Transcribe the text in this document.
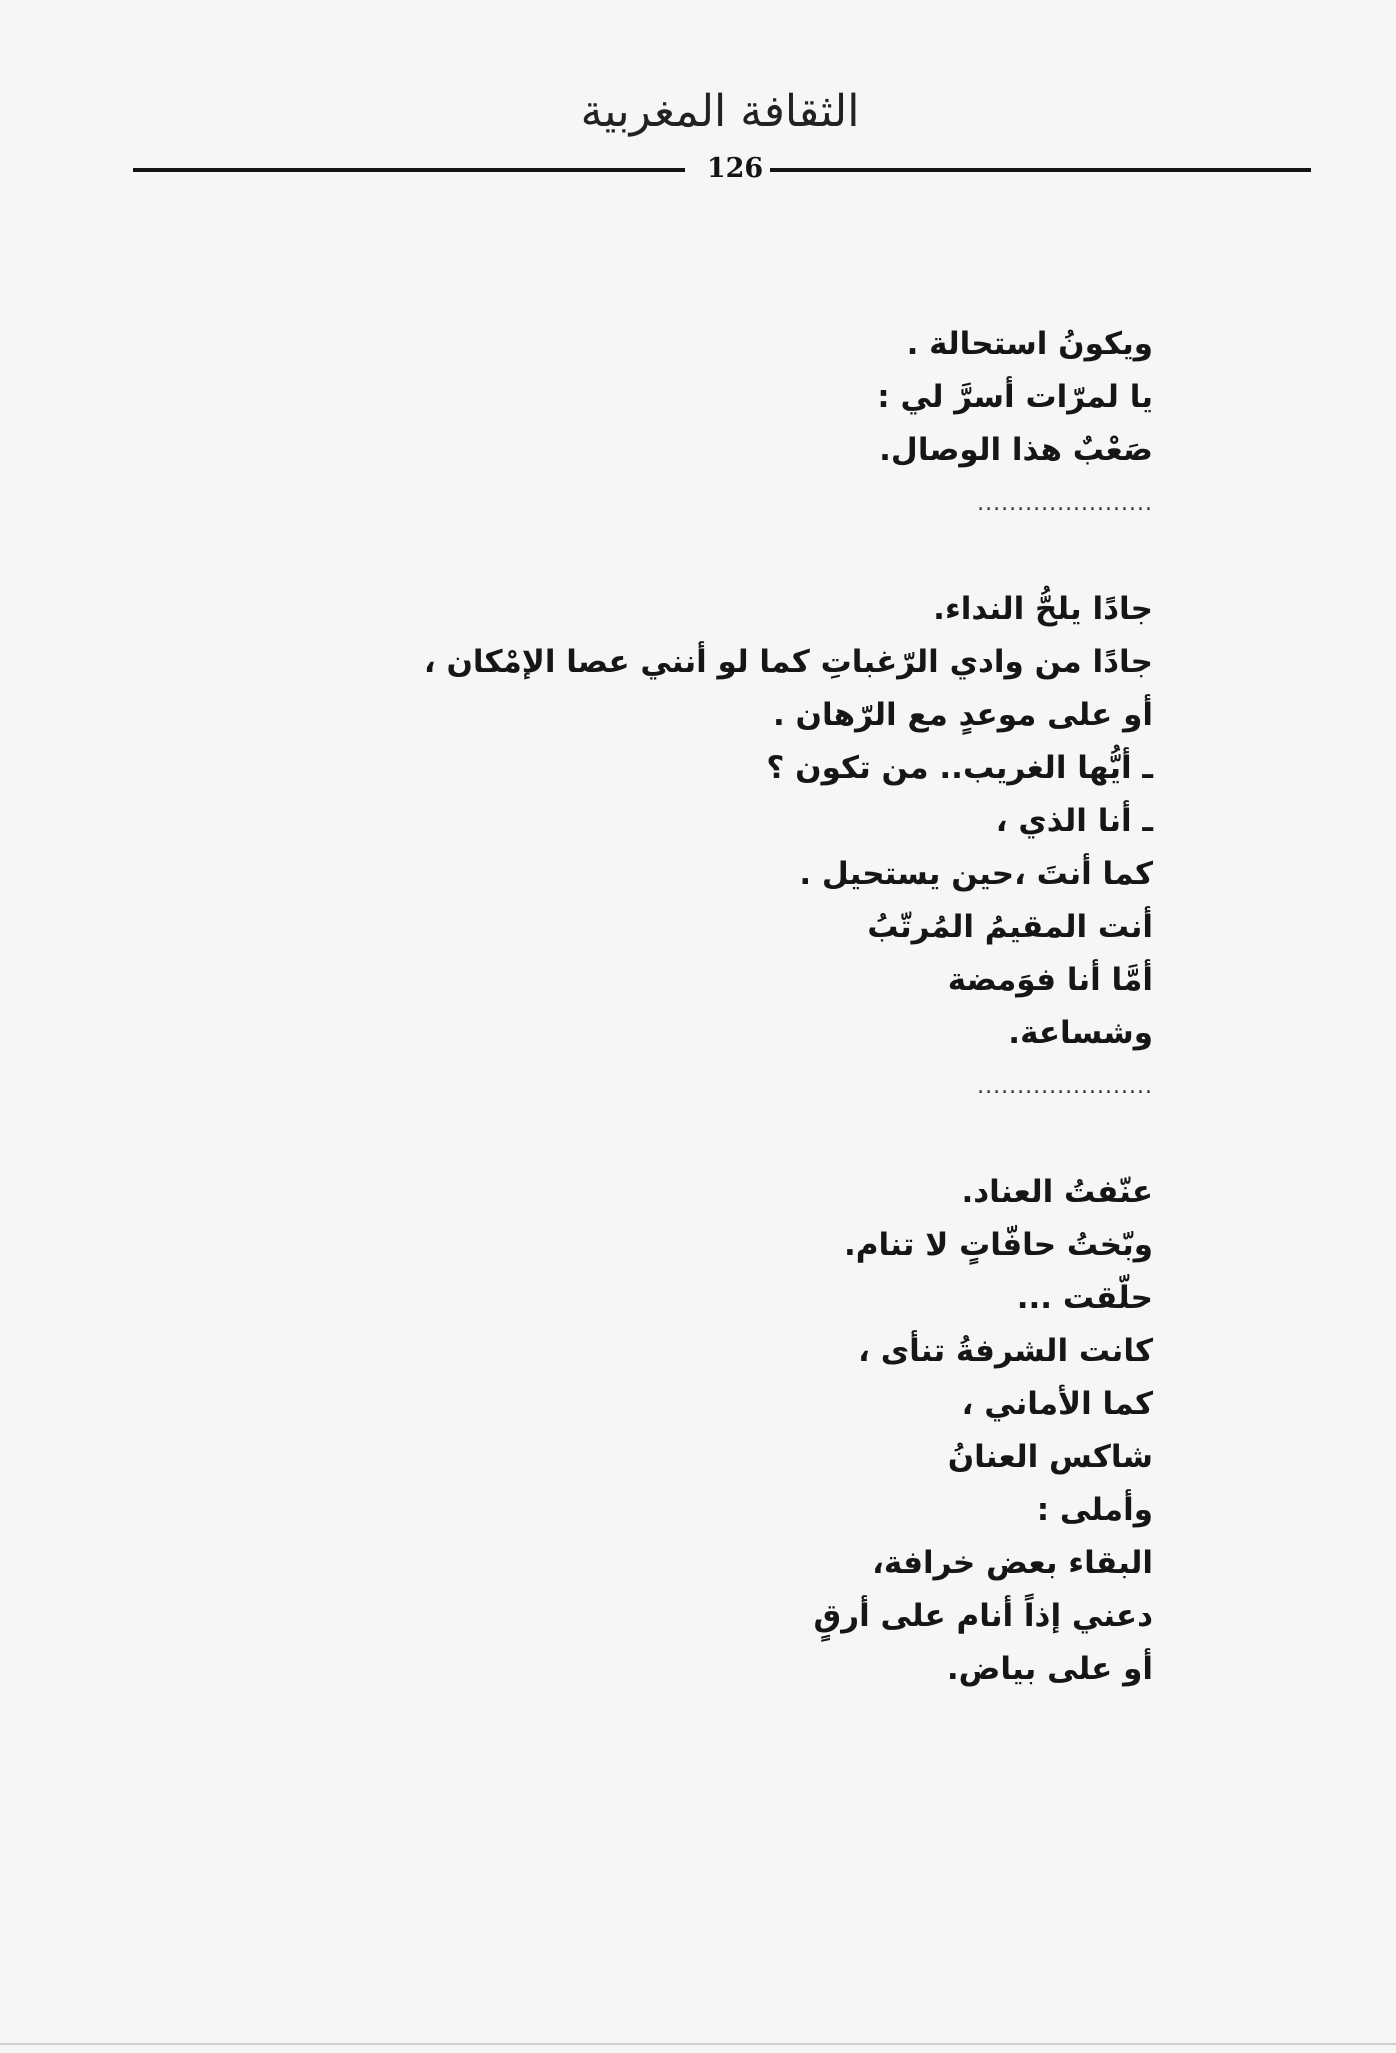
الثقافة المغربية
126
ويكونُ استحالة .
يا لمرّات أسرَّ لي :
صَعْبٌ هذا الوصال.
......................
جادًا يلحُّ النداء.
جادًا من وادي الرّغباتِ كما لو أنني عصا الإمْكان ،
أو على موعدٍ مع الرّهان .
ـ أيُّها الغريب.. من تكون ؟
ـ أنا الذي ،
كما أنتَ ،حين يستحيل .
أنت المقيمُ المُرتّبُ
أمَّا أنا فوَمضة
وشساعة.
......................
عنّفتُ العناد.
وبّختُ حافّاتٍ لا تنام.
حلّقت ...
كانت الشرفةُ تنأى ،
كما الأماني ،
شاكس العنانُ
وأملى :
البقاء بعض خرافة،
دعني إذاً أنام على أرقٍ
أو على بياض.
